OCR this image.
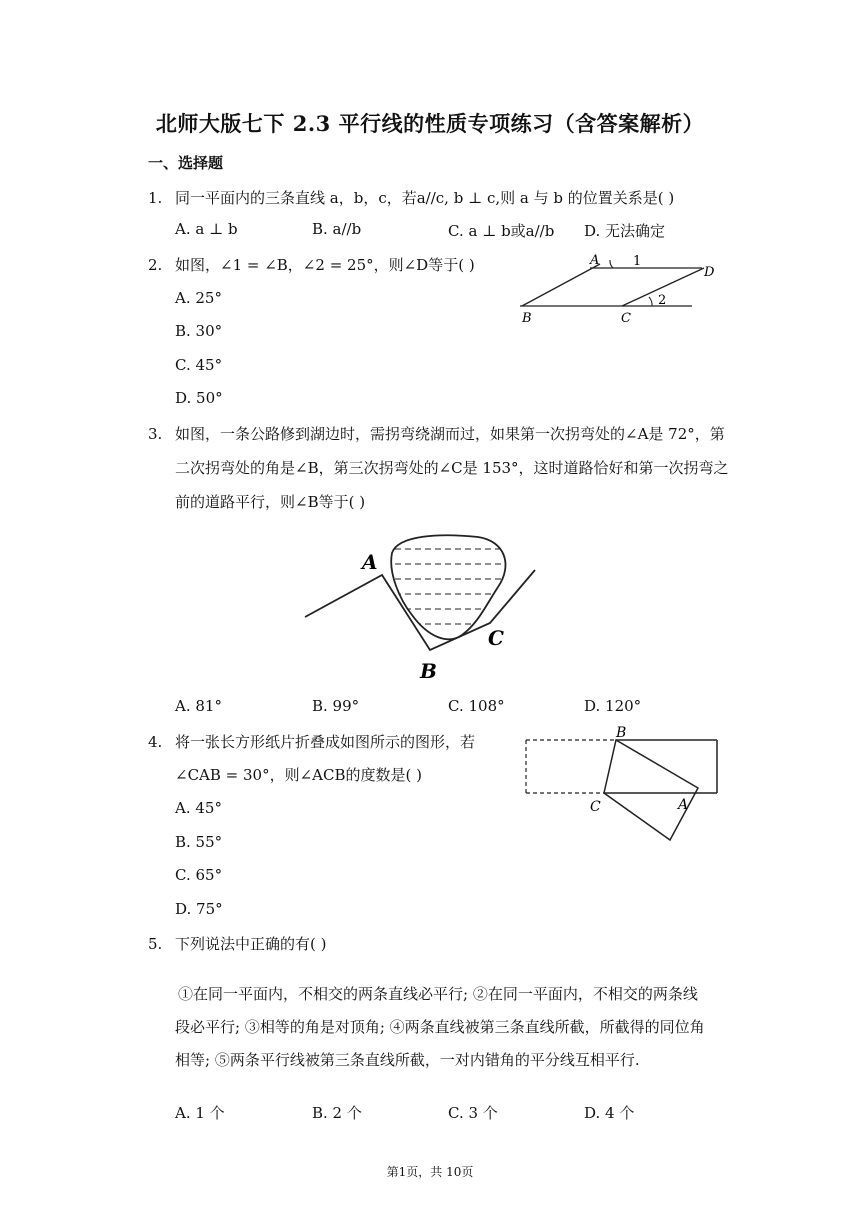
北师大版七下 2.3 平行线的性质专项练习（含答案解析）
一、选择题
1. 同一平面内的三条直线 a，b，c，若a//c, b ⊥ c,则 a 与 b 的位置关系是( )
A. a ⊥ b	B. a//b	C. a ⊥ b或a//b D. 无法确定
2. 如图，∠1 = ∠B，∠2 = 25°，则∠D等于( )
A. 25°
B. 30°
C. 45°
D. 50°
A
B	C
D
1
2
3. 如图，一条公路修到湖边时，需拐弯绕湖而过，如果第一次拐弯处的∠A是 72°，第
二次拐弯处的角是∠B，第三次拐弯处的∠C是 153°，这时道路恰好和第一次拐弯之
前的道路平行，则∠B等于( )
A
B
C
A. 81°	B. 99°	C. 108°	D. 120°
4. 将一张长方形纸片折叠成如图所示的图形，若
∠CAB = 30°，则∠ACB的度数是( )
A. 45°
B. 55°
C. 65°
D. 75°
B
C	A
5. 下列说法中正确的有( )
①在同一平面内，不相交的两条直线必平行; ②在同一平面内，不相交的两条线
段必平行; ③相等的角是对顶角; ④两条直线被第三条直线所截，所截得的同位角
相等; ⑤两条平行线被第三条直线所截，一对内错角的平分线互相平行.
A. 1 个	B. 2 个	C. 3 个	D. 4 个
第1页，共 10页
